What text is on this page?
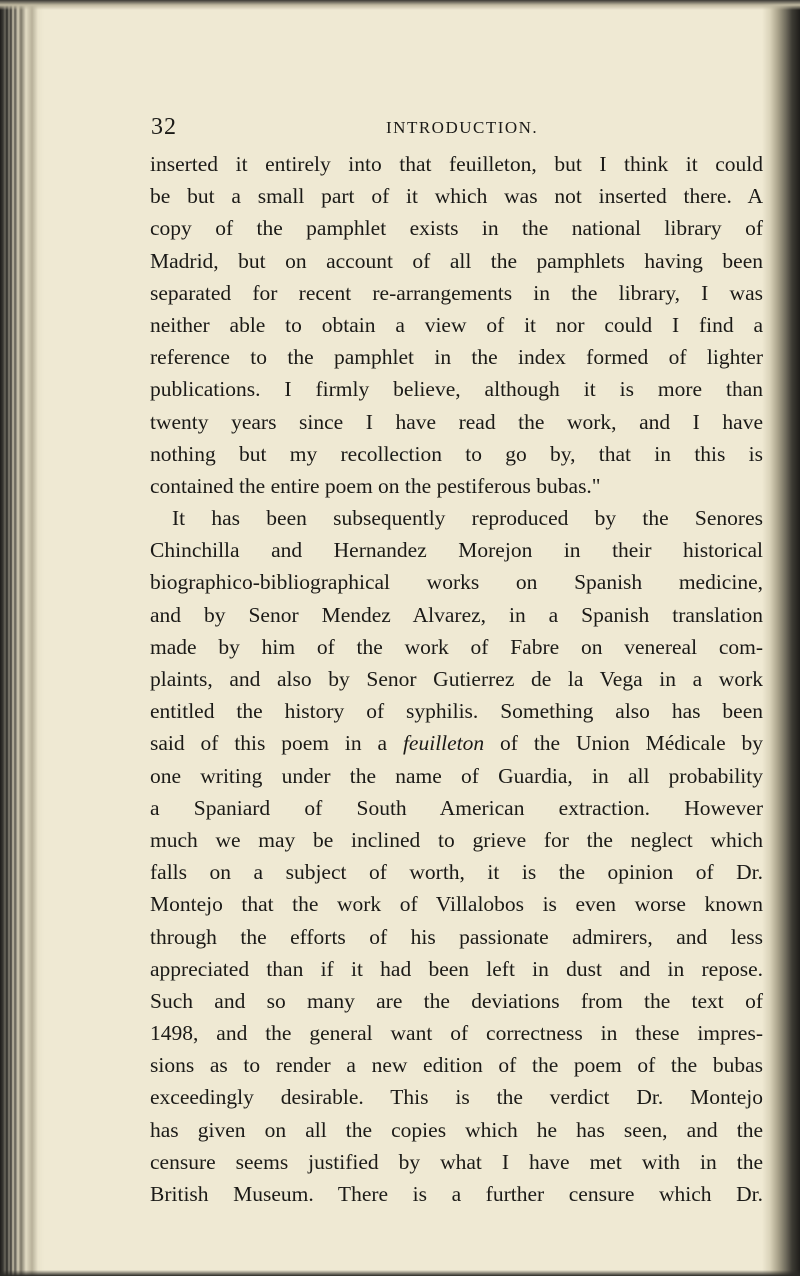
32	INTRODUCTION.
inserted it entirely into that feuilleton, but I think it could
be but a small part of it which was not inserted there. A
copy of the pamphlet exists in the national library of
Madrid, but on account of all the pamphlets having been
separated for recent re-arrangements in the library, I was
neither able to obtain a view of it nor could I find a
reference to the pamphlet in the index formed of lighter
publications. I firmly believe, although it is more than
twenty years since I have read the work, and I have
nothing but my recollection to go by, that in this is
contained the entire poem on the pestiferous bubas."
It has been subsequently reproduced by the Senores
Chinchilla and Hernandez Morejon in their historical
biographico-bibliographical works on Spanish medicine,
and by Senor Mendez Alvarez, in a Spanish translation
made by him of the work of Fabre on venereal com-
plaints, and also by Senor Gutierrez de la Vega in a work
entitled the history of syphilis. Something also has been
said of this poem in a feuilleton of the Union Médicale by
one writing under the name of Guardia, in all probability
a Spaniard of South American extraction. However
much we may be inclined to grieve for the neglect which
falls on a subject of worth, it is the opinion of Dr.
Montejo that the work of Villalobos is even worse known
through the efforts of his passionate admirers, and less
appreciated than if it had been left in dust and in repose.
Such and so many are the deviations from the text of
1498, and the general want of correctness in these impres-
sions as to render a new edition of the poem of the bubas
exceedingly desirable. This is the verdict Dr. Montejo
has given on all the copies which he has seen, and the
censure seems justified by what I have met with in the
British Museum. There is a further censure which Dr.
